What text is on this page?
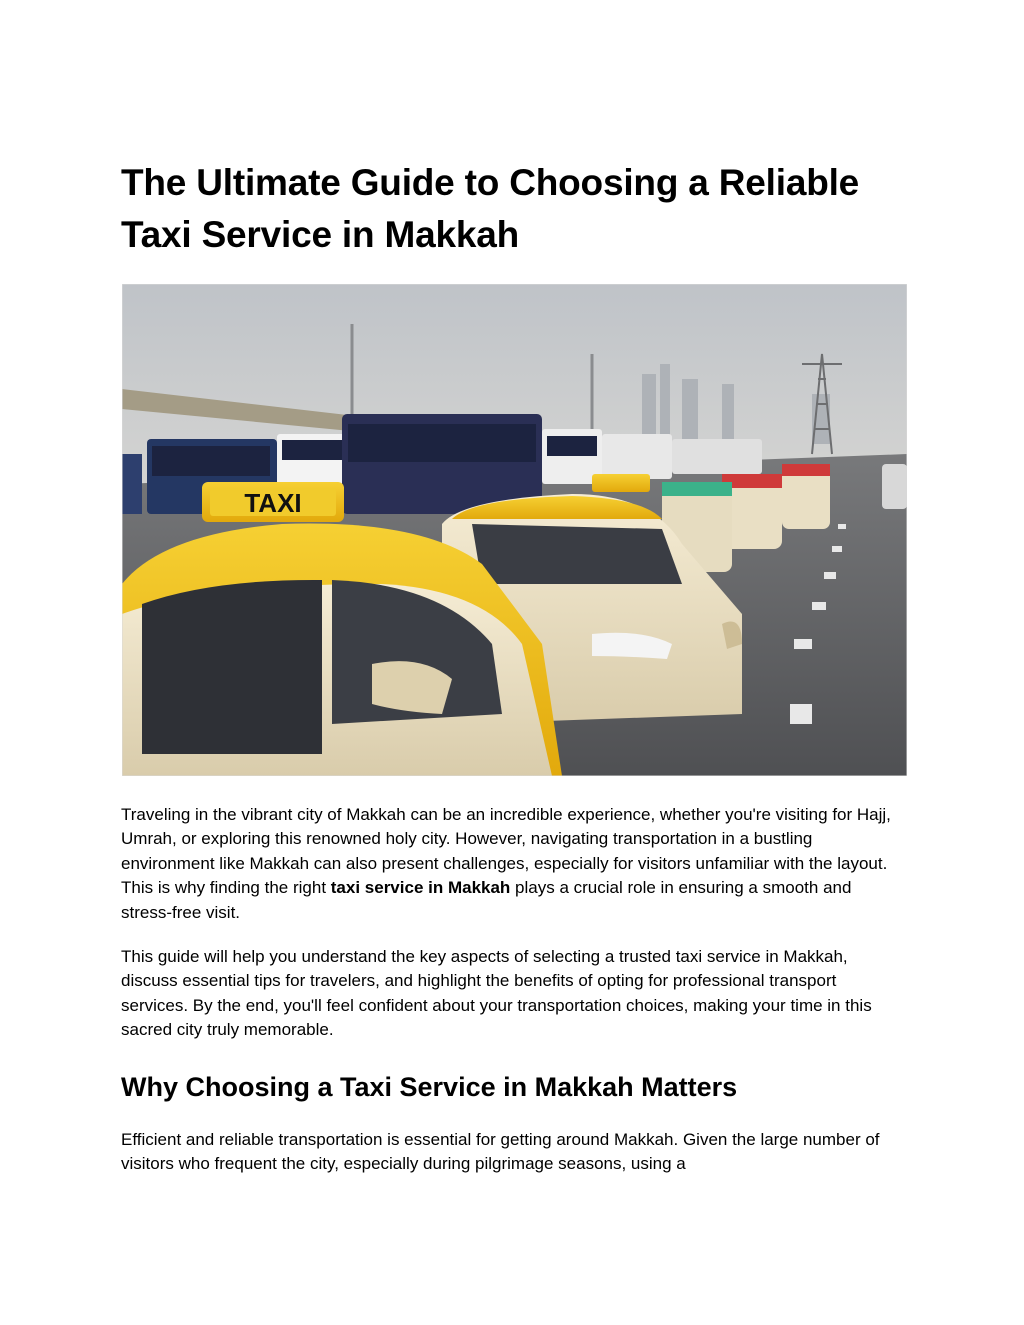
The Ultimate Guide to Choosing a Reliable Taxi Service in Makkah
TAXI

Traveling in the vibrant city of Makkah can be an incredible experience, whether you're visiting for Hajj, Umrah, or exploring this renowned holy city. However, navigating transportation in a bustling environment like Makkah can also present challenges, especially for visitors unfamiliar with the layout. This is why finding the right taxi service in Makkah plays a crucial role in ensuring a smooth and stress-free visit.

This guide will help you understand the key aspects of selecting a trusted taxi service in Makkah, discuss essential tips for travelers, and highlight the benefits of opting for professional transport services. By the end, you'll feel confident about your transportation choices, making your time in this sacred city truly memorable.

Why Choosing a Taxi Service in Makkah Matters

Efficient and reliable transportation is essential for getting around Makkah. Given the large number of visitors who frequent the city, especially during pilgrimage seasons, using a
